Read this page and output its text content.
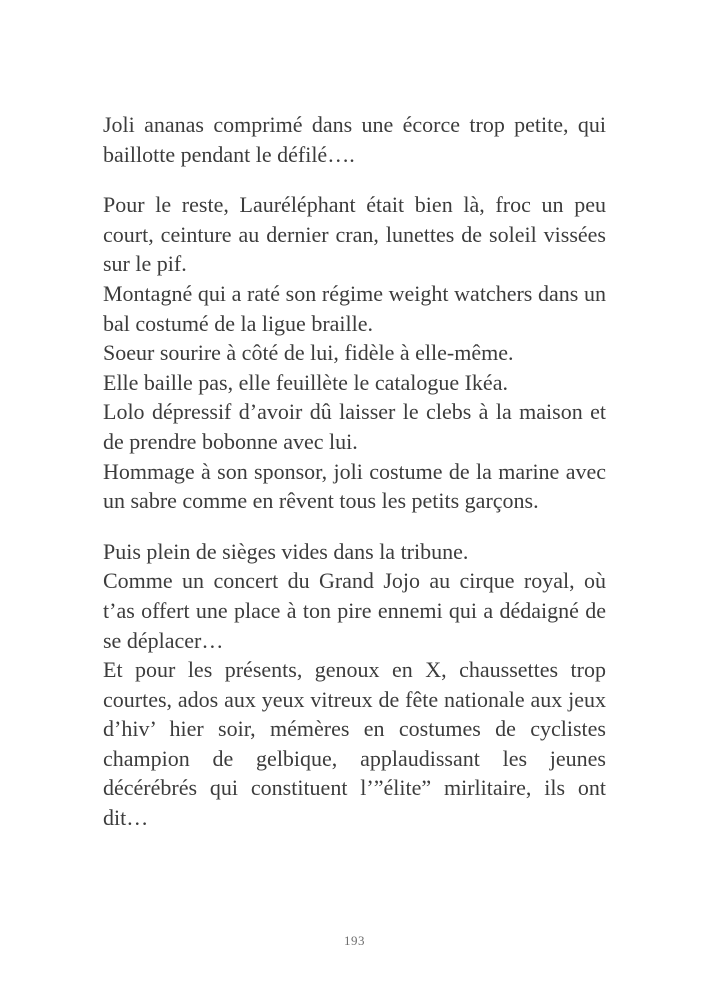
Joli ananas comprimé dans une écorce trop petite, qui baillotte pendant le défilé….

Pour le reste, Lauréléphant était bien là, froc un peu court, ceinture au dernier cran, lunettes de soleil vissées sur le pif.

Montagné qui a raté son régime weight watchers dans un bal costumé de la ligue braille.

Soeur sourire à côté de lui, fidèle à elle-même.

Elle baille pas, elle feuillète le catalogue Ikéa.

Lolo dépressif d’avoir dû laisser le clebs à la maison et de prendre bobonne avec lui.

Hommage à son sponsor, joli costume de la marine avec un sabre comme en rêvent tous les petits garçons.

Puis plein de sièges vides dans la tribune.

Comme un concert du Grand Jojo au cirque royal, où t’as offert une place à ton pire ennemi qui a dédaigné de se déplacer…

Et pour les présents, genoux en X, chaussettes trop courtes, ados aux yeux vitreux de fête nationale aux jeux d’hiv’ hier soir, mémères en costumes de cyclistes champion de gelbique, applaudissant les jeunes décérébrés qui constituent l’”élite” mirlitaire, ils ont dit…

193
